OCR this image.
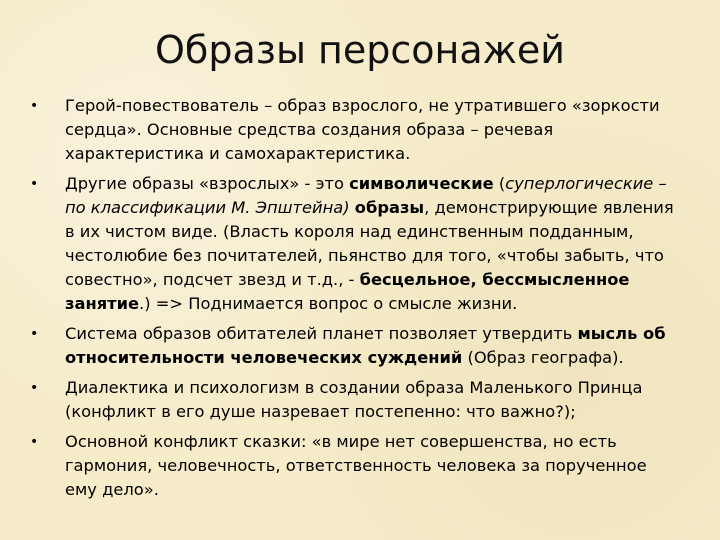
Образы персонажей
• Герой-повествователь – образ взрослого, не утратившего «зоркости сердца». Основные средства создания образа – речевая характеристика и самохарактеристика.
• Другие образы «взрослых» - это символические (суперлогические – по классификации М. Эпштейна) образы, демонстрирующие явления в их чистом виде. (Власть короля над единственным подданным, честолюбие без почитателей, пьянство для того, «чтобы забыть, что совестно», подсчет звезд и т.д., - бесцельное, бессмысленное занятие.) => Поднимается вопрос о смысле жизни.
• Система образов обитателей планет позволяет утвердить мысль об относительности человеческих суждений (Образ географа).
• Диалектика и психологизм в создании образа Маленького Принца (конфликт в его душе назревает постепенно: что важно?);
• Основной конфликт сказки: «в мире нет совершенства, но есть гармония, человечность, ответственность человека за порученное ему дело».
